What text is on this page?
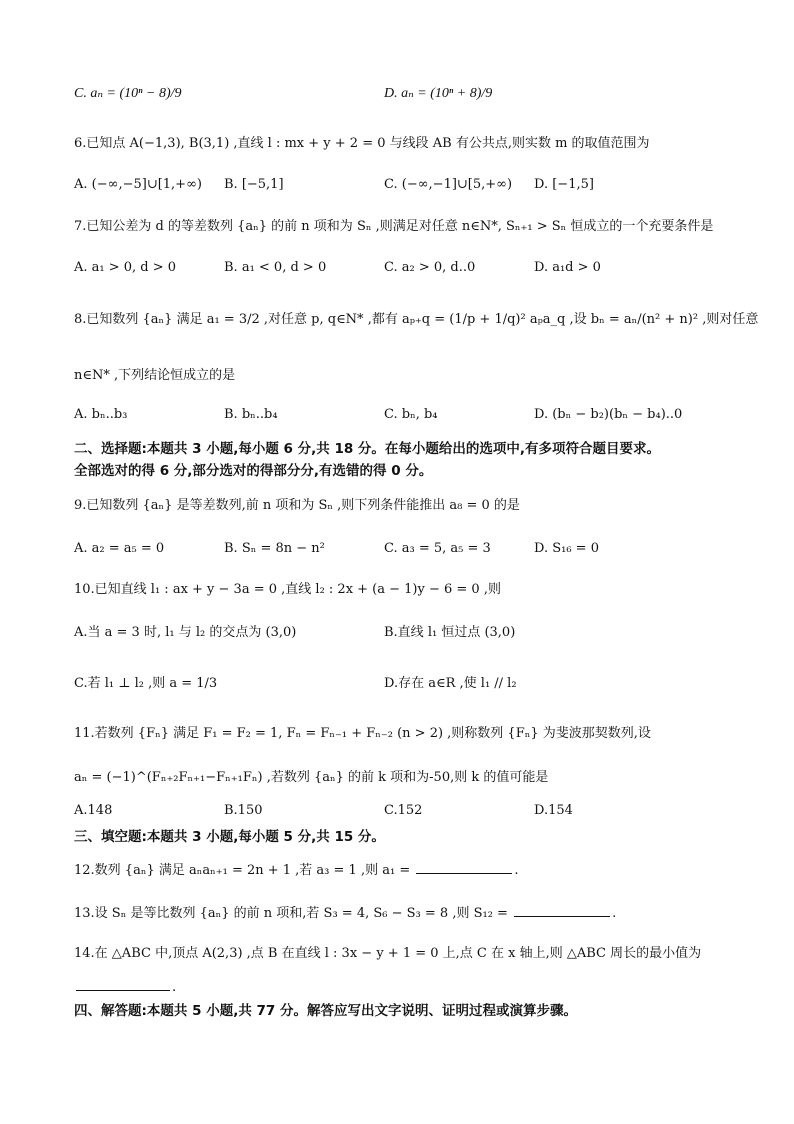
C. aₙ = (10ⁿ − 8)/9	D. aₙ = (10ⁿ + 8)/9
6.已知点 A(−1,3), B(3,1) ,直线 l : mx + y + 2 = 0 与线段 AB 有公共点,则实数 m 的取值范围为
A. (−∞,−5]∪[1,+∞) B. [−5,1]	C. (−∞,−1]∪[5,+∞) D. [−1,5]
7.已知公差为 d 的等差数列 {aₙ} 的前 n 项和为 Sₙ ,则满足对任意 n∈N*, Sₙ₊₁ > Sₙ 恒成立的一个充要条件是
A. a₁ > 0, d > 0	B. a₁ < 0, d > 0	C. a₂ > 0, d..0	D. a₁d > 0
8.已知数列 {aₙ} 满足 a₁ = 3/2 ,对任意 p, q∈N* ,都有 aₚ₊q = (1/p + 1/q)² aₚa_q ,设 bₙ = aₙ/(n² + n)² ,则对任意
n∈N* ,下列结论恒成立的是
A. bₙ..b₃	B. bₙ..b₄	C. bₙ, b₄	D. (bₙ − b₂)(bₙ − b₄)..0
二、选择题:本题共 3 小题,每小题 6 分,共 18 分。在每小题给出的选项中,有多项符合题目要求。
全部选对的得 6 分,部分选对的得部分分,有选错的得 0 分。
9.已知数列 {aₙ} 是等差数列,前 n 项和为 Sₙ ,则下列条件能推出 a₈ = 0 的是
A. a₂ = a₅ = 0	B. Sₙ = 8n − n²	C. a₃ = 5, a₅ = 3	D. S₁₆ = 0
10.已知直线 l₁ : ax + y − 3a = 0 ,直线 l₂ : 2x + (a − 1)y − 6 = 0 ,则
A.当 a = 3 时, l₁ 与 l₂ 的交点为 (3,0)	B.直线 l₁ 恒过点 (3,0)
C.若 l₁ ⊥ l₂ ,则 a = 1/3	D.存在 a∈R ,使 l₁ // l₂
11.若数列 {Fₙ} 满足 F₁ = F₂ = 1, Fₙ = Fₙ₋₁ + Fₙ₋₂ (n > 2) ,则称数列 {Fₙ} 为斐波那契数列,设
aₙ = (−1)^(Fₙ₊₂Fₙ₊₁−Fₙ₊₁Fₙ) ,若数列 {aₙ} 的前 k 项和为-50,则 k 的值可能是
A.148	B.150	C.152	D.154
三、填空题:本题共 3 小题,每小题 5 分,共 15 分。
12.数列 {aₙ} 满足 aₙaₙ₊₁ = 2n + 1 ,若 a₃ = 1 ,则 a₁ =	.
13.设 Sₙ 是等比数列 {aₙ} 的前 n 项和,若 S₃ = 4, S₆ − S₃ = 8 ,则 S₁₂ =	.
14.在 △ABC 中,顶点 A(2,3) ,点 B 在直线 l : 3x − y + 1 = 0 上,点 C 在 x 轴上,则 △ABC 周长的最小值为
.
四、解答题:本题共 5 小题,共 77 分。解答应写出文字说明、证明过程或演算步骤。
